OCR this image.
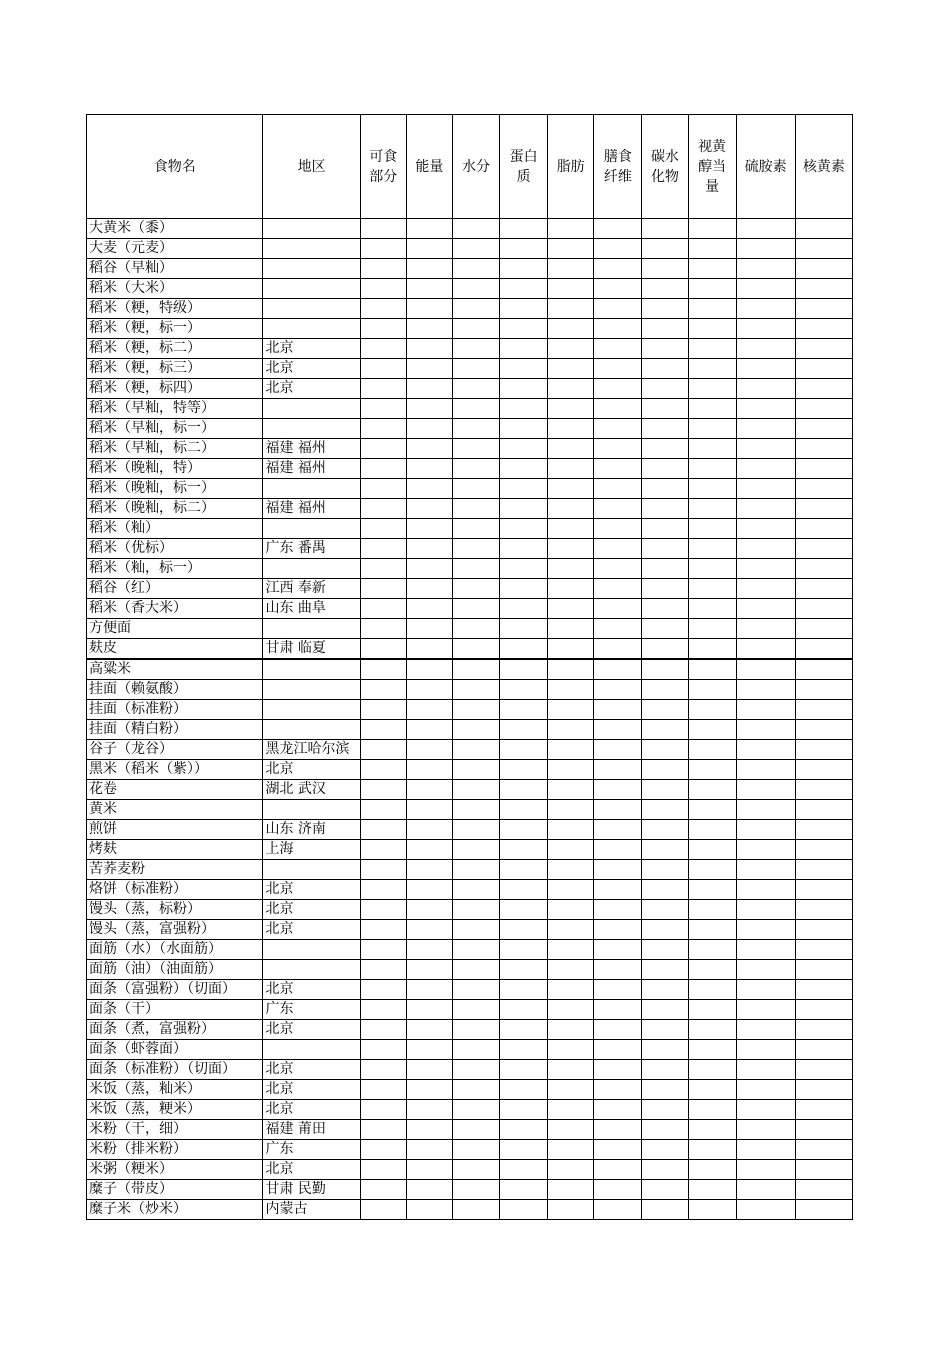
食物名	地区	可食部分	能量	水分	蛋白质	脂肪	膳食纤维	碳水化物	视黄醇当量	硫胺素	核黄素
大黄米（黍）											
大麦（元麦）											
稻谷（早籼）											
稻米（大米）											
稻米（粳，特级）											
稻米（粳，标一）											
稻米（粳，标二）	北京										
稻米（粳，标三）	北京										
稻米（粳，标四）	北京										
稻米（早籼，特等）											
稻米（早籼，标一）											
稻米（早籼，标二）	福建 福州										
稻米（晚籼，特）	福建 福州										
稻米（晚籼，标一）											
稻米（晚籼，标二）	福建 福州										
稻米（籼）											
稻米（优标）	广东 番禺										
稻米（籼，标一）											
稻谷（红）	江西 奉新										
稻米（香大米）	山东 曲阜										
方便面											
麸皮	甘肃 临夏										
高粱米											
挂面（赖氨酸）											
挂面（标准粉）											
挂面（精白粉）											
谷子（龙谷）	黑龙江哈尔滨										
黑米（稻米（紫））	北京										
花卷	湖北 武汉										
黄米											
煎饼	山东 济南										
烤麸	上海										
苦荞麦粉											
烙饼（标准粉）	北京										
馒头（蒸，标粉）	北京										
馒头（蒸，富强粉）	北京										
面筋（水）（水面筋）											
面筋（油）（油面筋）											
面条（富强粉）（切面）	北京										
面条（干）	广东										
面条（煮，富强粉）	北京										
面条（虾蓉面）											
面条（标准粉）（切面）	北京										
米饭（蒸，籼米）	北京										
米饭（蒸，粳米）	北京										
米粉（干，细）	福建 莆田										
米粉（排米粉）	广东										
米粥（粳米）	北京										
糜子（带皮）	甘肃 民勤										
糜子米（炒米）	内蒙古										
